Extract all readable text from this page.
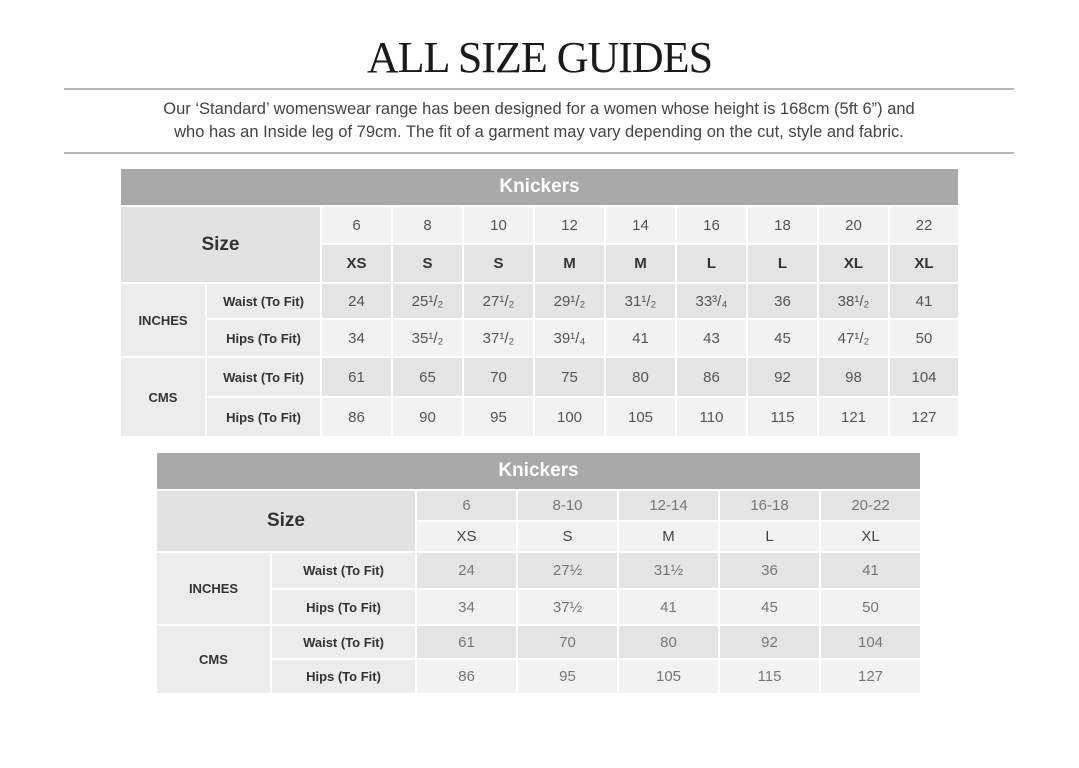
ALL SIZE GUIDES
Our ‘Standard’ womenswear range has been designed for a women whose height is 168cm (5ft 6”) and
who has an Inside leg of 79cm. The fit of a garment may vary depending on the cut, style and fabric.
Knickers										
Size		6	8	10	12	14	16	18	20	22
		XS	S	S	M	M	L	L	XL	XL
INCHES	Waist (To Fit)	24	25¹/₂	27¹/₂	29¹/₂	31¹/₂	33³/₄	36	38¹/₂	41
	Hips (To Fit)	34	35¹/₂	37¹/₂	39¹/₄	41	43	45	47¹/₂	50
CMS	Waist (To Fit)	61	65	70	75	80	86	92	98	104
	Hips (To Fit)	86	90	95	100	105	110	115	121	127
Knickers						
Size		6	8-10	12-14	16-18	20-22
		XS	S	M	L	XL
INCHES	Waist (To Fit)	24	27½	31½	36	41
	Hips (To Fit)	34	37½	41	45	50
CMS	Waist (To Fit)	61	70	80	92	104
	Hips (To Fit)	86	95	105	115	127
